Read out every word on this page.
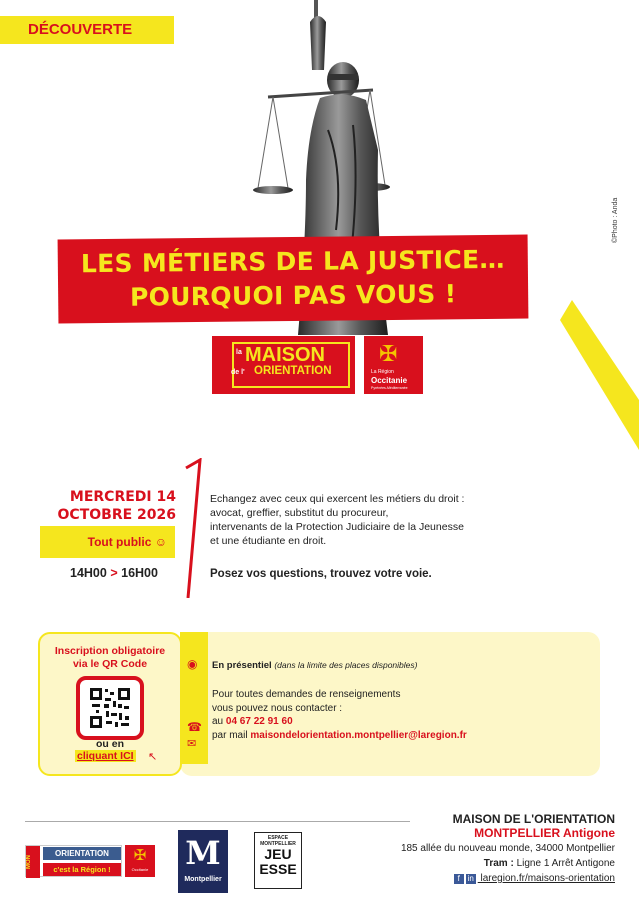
DÉCOUVERTE
©Photo : Anda
LES MÉTIERS DE LA JUSTICE…
POURQUOI PAS VOUS !
la MAISON
de l' ORIENTATION
✠
La Région
Occitanie
Pyrénées-Méditerranée
MERCREDI 14
OCTOBRE 2026
Tout public ☺
14H00 > 16H00
Echangez avec ceux qui exercent les métiers du droit :
avocat, greffier, substitut du procureur,
intervenants de la Protection Judiciaire de la Jeunesse
et une étudiante en droit.
Posez vos questions, trouvez votre voie.
◉
☎
✉
Inscription obligatoire
via le QR Code
ou en
cliquant ICI ↖
En présentiel (dans la limite des places disponibles)
Pour toutes demandes de renseignements
vous pouvez nous contacter :
au 04 67 22 91 60
par mail maisondelorientation.montpellier@laregion.fr
MON
ORIENTATION
c'est la Région !
✠
Occitanie M
Montpellier
ESPACE MONTPELLIER
JEU
ESSE
MAISON DE L'ORIENTATION
MONTPELLIER Antigone
185 allée du nouveau monde, 34000 Montpellier
Tram : Ligne 1 Arrêt Antigone
f in laregion.fr/maisons-orientation
